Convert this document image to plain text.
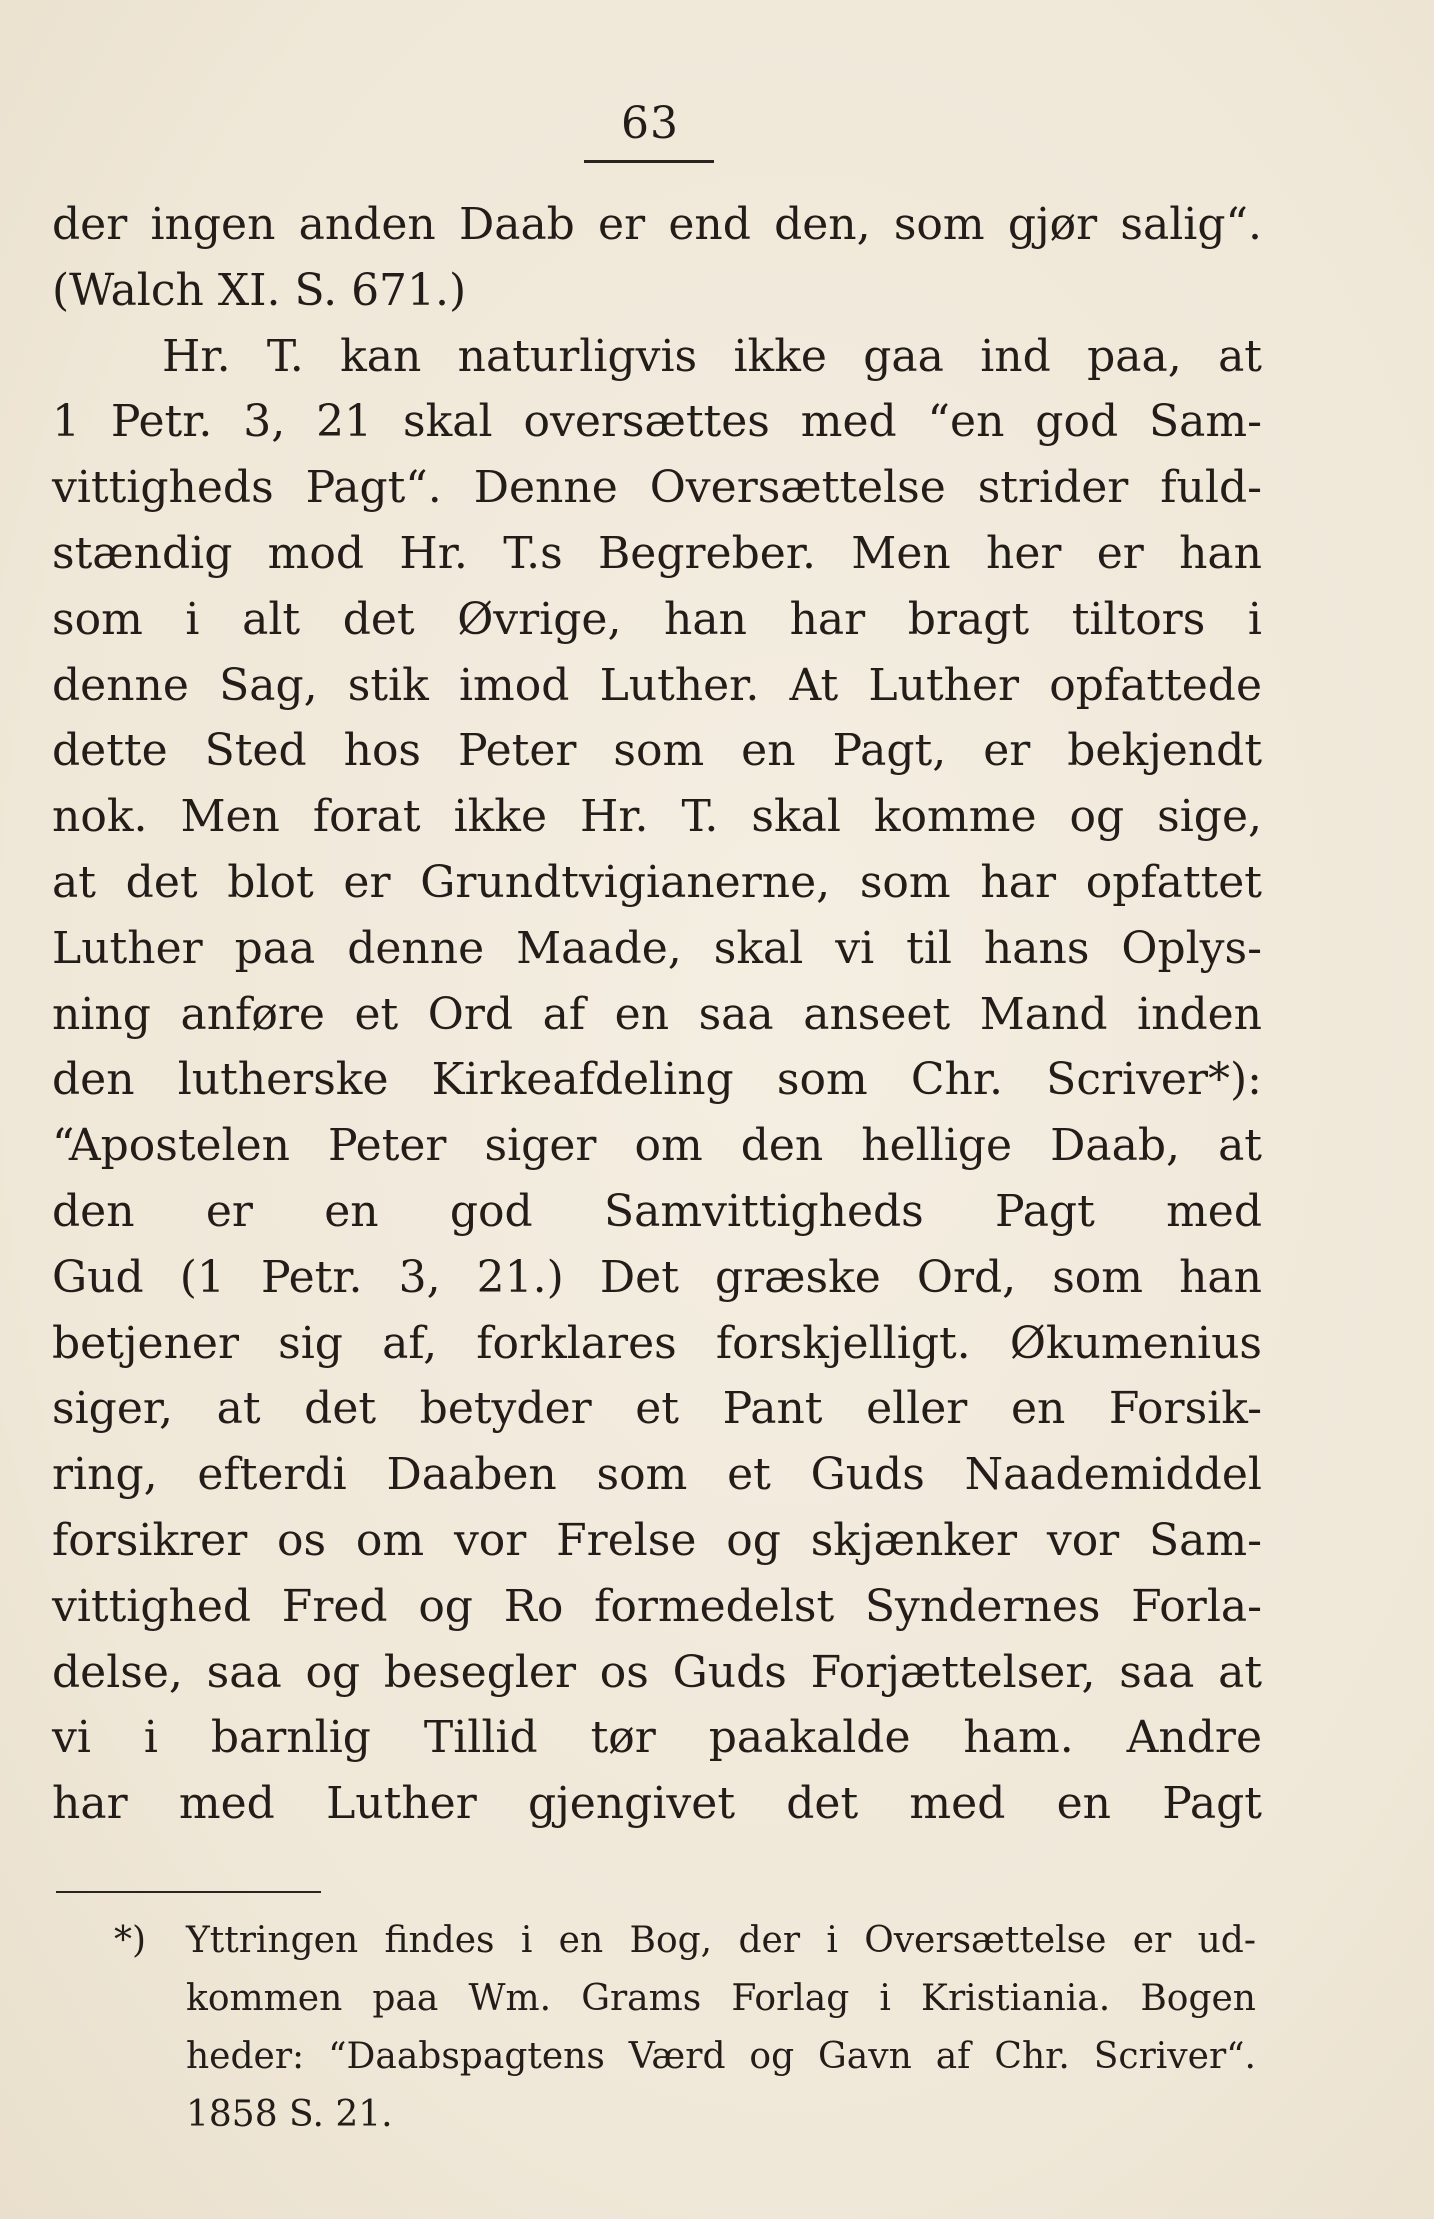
63
der ingen anden Daab er end den, som gjør salig“.
(Walch XI. S. 671.)
Hr. T. kan naturligvis ikke gaa ind paa, at
1 Petr. 3, 21 skal oversættes med “en god Sam-
vittigheds Pagt“. Denne Oversættelse strider fuld-
stændig mod Hr. T.s Begreber. Men her er han
som i alt det Øvrige, han har bragt tiltors i
denne Sag, stik imod Luther. At Luther opfattede
dette Sted hos Peter som en Pagt, er bekjendt
nok. Men forat ikke Hr. T. skal komme og sige,
at det blot er Grundtvigianerne, som har opfattet
Luther paa denne Maade, skal vi til hans Oplys-
ning anføre et Ord af en saa anseet Mand inden
den lutherske Kirkeafdeling som Chr. Scriver*):
“Apostelen Peter siger om den hellige Daab, at
den er en god Samvittigheds Pagt med
Gud (1 Petr. 3, 21.) Det græske Ord, som han
betjener sig af, forklares forskjelligt. Økumenius
siger, at det betyder et Pant eller en Forsik-
ring, efterdi Daaben som et Guds Naademiddel
forsikrer os om vor Frelse og skjænker vor Sam-
vittighed Fred og Ro formedelst Syndernes Forla-
delse, saa og besegler os Guds Forjættelser, saa at
vi i barnlig Tillid tør paakalde ham. Andre
har med Luther gjengivet det med en Pagt
*) Yttringen findes i en Bog, der i Oversættelse er ud-
kommen paa Wm. Grams Forlag i Kristiania. Bogen
heder: “Daabspagtens Værd og Gavn af Chr. Scriver“.
1858 S. 21.
